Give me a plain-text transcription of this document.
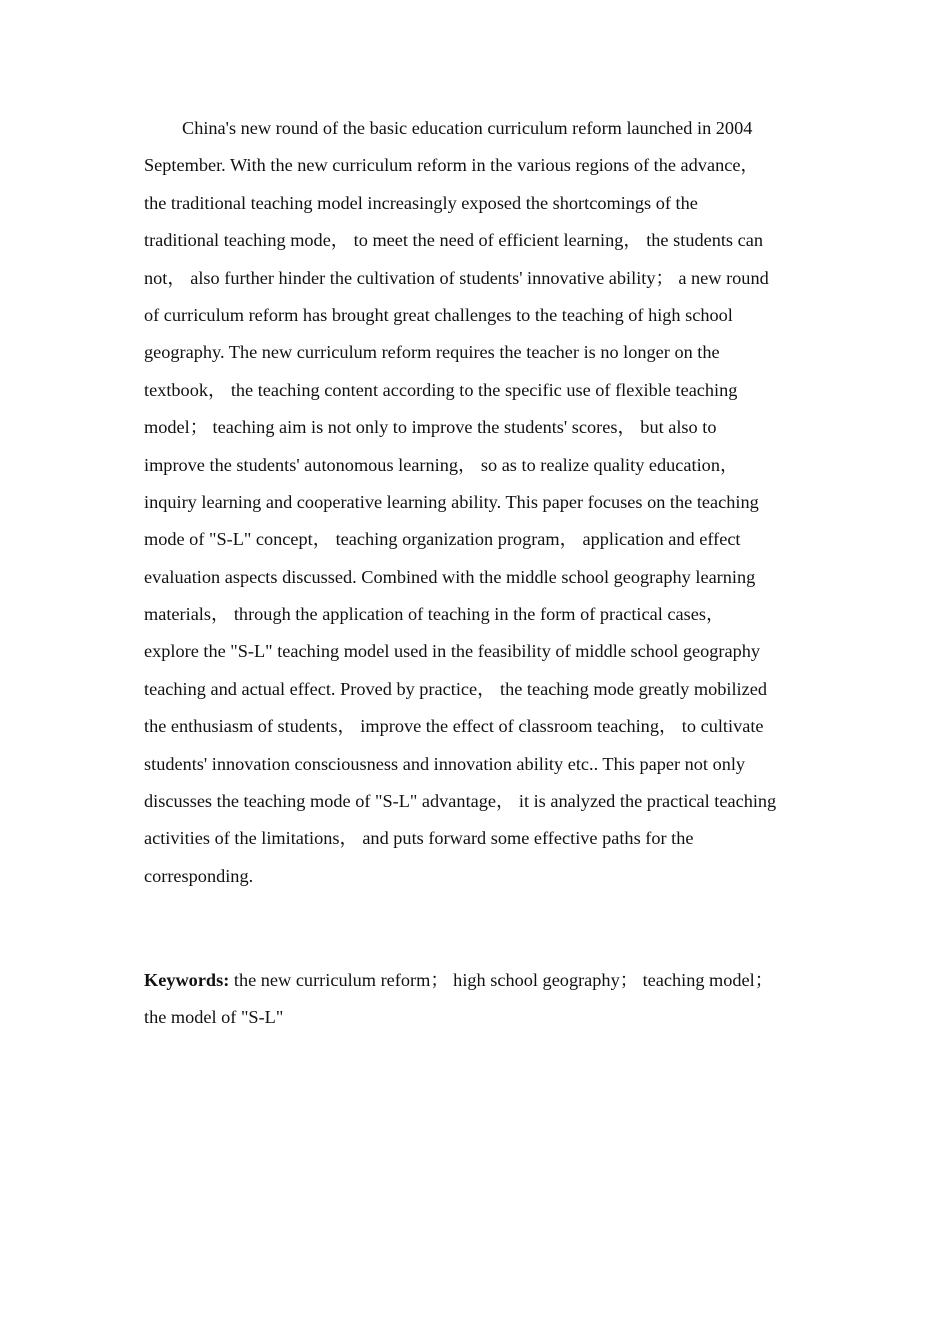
China's new round of the basic education curriculum reform launched in 2004
September. With the new curriculum reform in the various regions of the advance，
the traditional teaching model increasingly exposed the shortcomings of the
traditional teaching mode， to meet the need of efficient learning， the students can
not， also further hinder the cultivation of students' innovative ability； a new round
of curriculum reform has brought great challenges to the teaching of high school
geography. The new curriculum reform requires the teacher is no longer on the
textbook， the teaching content according to the specific use of flexible teaching
model； teaching aim is not only to improve the students' scores， but also to
improve the students' autonomous learning， so as to realize quality education，
inquiry learning and cooperative learning ability. This paper focuses on the teaching
mode of "S-L" concept， teaching organization program， application and effect
evaluation aspects discussed. Combined with the middle school geography learning
materials， through the application of teaching in the form of practical cases，
explore the "S-L" teaching model used in the feasibility of middle school geography
teaching and actual effect. Proved by practice， the teaching mode greatly mobilized
the enthusiasm of students， improve the effect of classroom teaching， to cultivate
students' innovation consciousness and innovation ability etc.. This paper not only
discusses the teaching mode of "S-L" advantage， it is analyzed the practical teaching
activities of the limitations， and puts forward some effective paths for the
corresponding.
Keywords: the new curriculum reform； high school geography； teaching model；
the model of "S-L"
